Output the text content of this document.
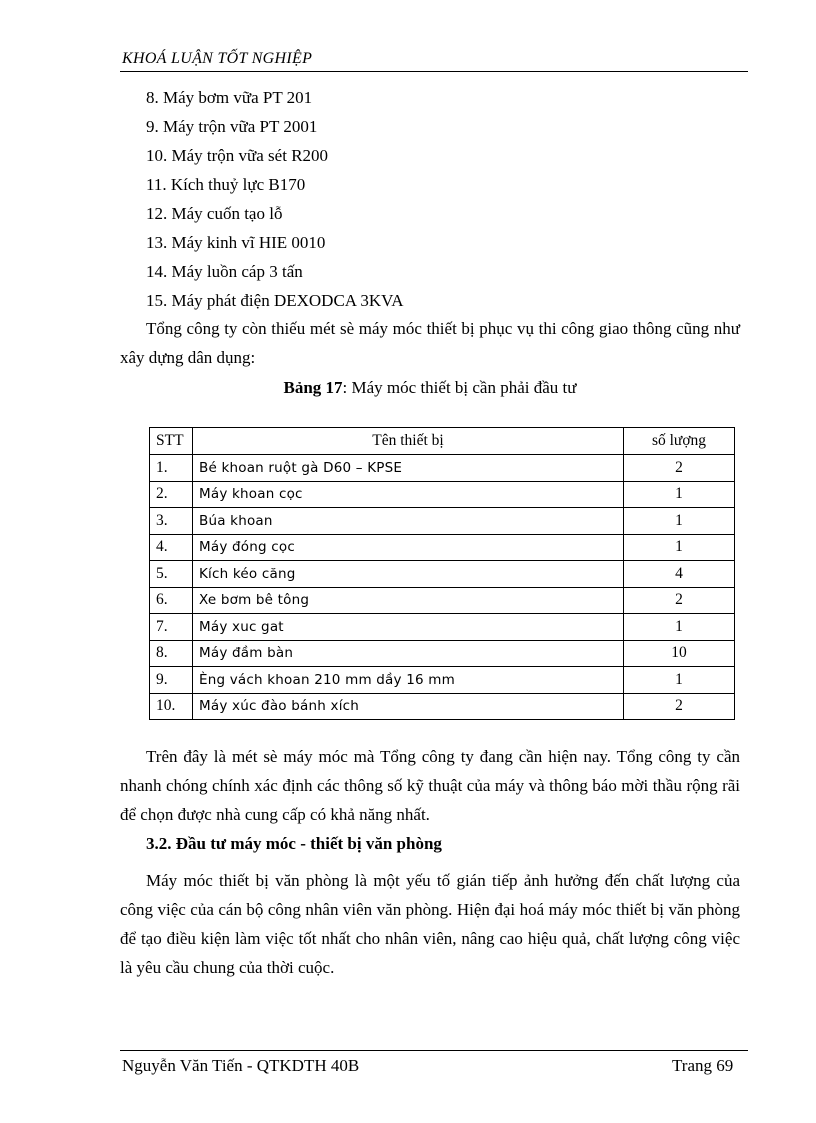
KHOÁ LUẬN TỐT NGHIỆP
8. Máy bơm vữa PT 201
9. Máy trộn vữa PT 2001
10. Máy trộn vữa sét R200
11. Kích thuỷ lực B170
12. Máy cuốn tạo lỗ
13. Máy kinh vĩ HIE 0010
14. Máy luồn cáp 3 tấn
15. Máy phát điện DEXODCA 3KVA

Tổng công ty còn thiếu mét sè máy móc thiết bị phục vụ thi công giao thông cũng như xây dựng dân dụng:

Bảng 17: Máy móc thiết bị cần phải đầu tư
STT	Tên thiết bị	số lượng
1.	Bé khoan ruột gà D60 – KPSE	2
2.	Máy khoan cọc	1
3.	Búa khoan	1
4.	Máy đóng cọc	1
5.	Kích kéo căng	4
6.	Xe bơm bê tông	2
7.	Máy xuc gat	1
8.	Máy đầm bàn	10
9.	Èng vách khoan 210 mm dầy 16 mm	1
10.	Máy xúc đào bánh xích	2

Trên đây là mét sè máy móc mà Tổng công ty đang cần hiện nay. Tổng công ty cần nhanh chóng chính xác định các thông số kỹ thuật của máy và thông báo mời thầu rộng rãi để chọn được nhà cung cấp có khả năng nhất.

3.2. Đầu tư máy móc - thiết bị văn phòng

Máy móc thiết bị văn phòng là một yếu tố gián tiếp ảnh hưởng đến chất lượng của công việc của cán bộ công nhân viên văn phòng. Hiện đại hoá máy móc thiết bị văn phòng để tạo điều kiện làm việc tốt nhất cho nhân viên, nâng cao hiệu quả, chất lượng công việc là yêu cầu chung của thời cuộc.

Nguyễn Văn Tiến - QTKDTH 40B	Trang 69
